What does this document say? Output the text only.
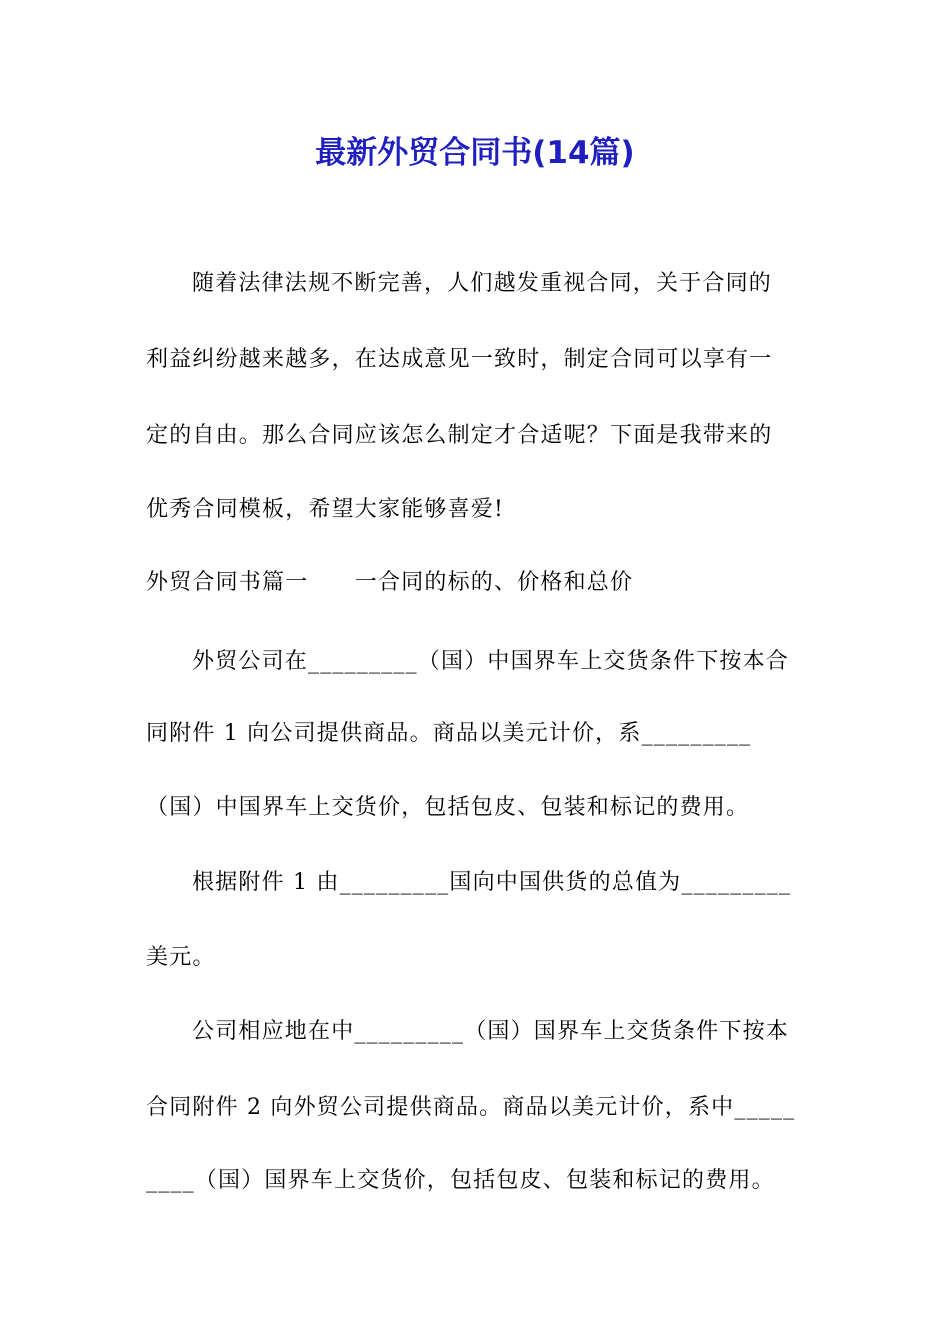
最新外贸合同书(14篇)
随着法律法规不断完善，人们越发重视合同，关于合同的
利益纠纷越来越多，在达成意见一致时，制定合同可以享有一
定的自由。那么合同应该怎么制定才合适呢？下面是我带来的
优秀合同模板，希望大家能够喜爱!
外贸合同书篇一　　一合同的标的、价格和总价
外贸公司在_________（国）中国界车上交货条件下按本合
同附件 1 向公司提供商品。商品以美元计价，系_________
（国）中国界车上交货价，包括包皮、包装和标记的费用。
根据附件 1 由_________国向中国供货的总值为_________
美元。
公司相应地在中_________（国）国界车上交货条件下按本
合同附件 2 向外贸公司提供商品。商品以美元计价，系中_____
____（国）国界车上交货价，包括包皮、包装和标记的费用。
